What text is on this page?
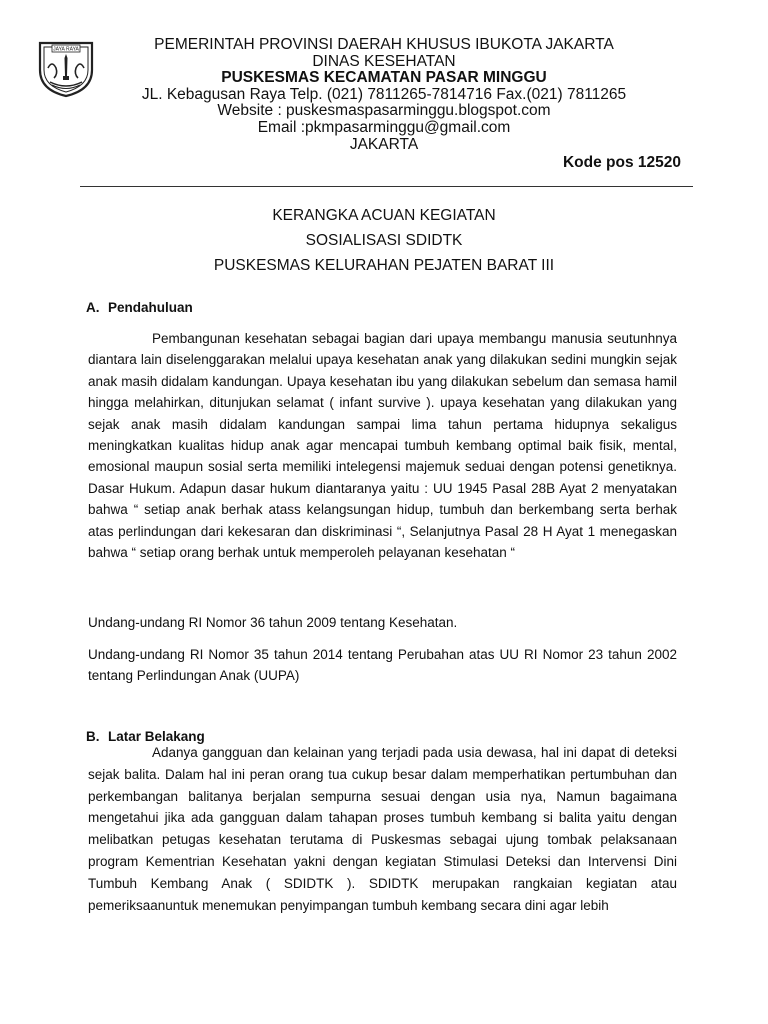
JAYA RAYA	PEMERINTAH PROVINSI DAERAH KHUSUS IBUKOTA JAKARTA
DINAS KESEHATAN
PUSKESMAS KECAMATAN PASAR MINGGU
JL. Kebagusan Raya Telp. (021) 7811265-7814716 Fax.(021) 7811265
Website : puskesmaspasarminggu.blogspot.com
Email :pkmpasarminggu@gmail.com
JAKARTA
Kode pos 12520
KERANGKA ACUAN KEGIATAN
SOSIALISASI SDIDTK
PUSKESMAS KELURAHAN PEJATEN BARAT III
A. Pendahuluan

Pembangunan kesehatan sebagai bagian dari upaya membangu manusia seutunhnya diantara lain diselenggarakan melalui upaya kesehatan anak yang dilakukan sedini mungkin sejak anak masih didalam kandungan. Upaya kesehatan ibu yang dilakukan sebelum dan semasa hamil hingga melahirkan, ditunjukan selamat ( infant survive ). upaya kesehatan yang dilakukan yang sejak anak masih didalam kandungan sampai lima tahun pertama hidupnya sekaligus meningkatkan kualitas hidup anak agar mencapai tumbuh kembang optimal baik fisik, mental, emosional maupun sosial serta memiliki intelegensi majemuk seduai dengan potensi genetiknya. Dasar Hukum. Adapun dasar hukum diantaranya yaitu : UU 1945 Pasal 28B Ayat 2 menyatakan bahwa “ setiap anak berhak atass kelangsungan hidup, tumbuh dan berkembang serta berhak atas perlindungan dari kekesaran dan diskriminasi “, Selanjutnya Pasal 28 H Ayat 1 menegaskan bahwa “ setiap orang berhak untuk memperoleh pelayanan kesehatan “

Undang-undang RI Nomor 36 tahun 2009 tentang Kesehatan.

Undang-undang RI Nomor 35 tahun 2014 tentang Perubahan atas UU RI Nomor 23 tahun 2002 tentang Perlindungan Anak (UUPA)

B. Latar Belakang

Adanya gangguan dan kelainan yang terjadi pada usia dewasa, hal ini dapat di deteksi sejak balita. Dalam hal ini peran orang tua cukup besar dalam memperhatikan pertumbuhan dan perkembangan balitanya berjalan sempurna sesuai dengan usia nya, Namun bagaimana mengetahui jika ada gangguan dalam tahapan proses tumbuh kembang si balita yaitu dengan melibatkan petugas kesehatan terutama di Puskesmas sebagai ujung tombak pelaksanaan program Kementrian Kesehatan yakni dengan kegiatan Stimulasi Deteksi dan Intervensi Dini Tumbuh Kembang Anak ( SDIDTK ). SDIDTK merupakan rangkaian kegiatan atau pemeriksaanuntuk menemukan penyimpangan tumbuh kembang secara dini agar lebih
